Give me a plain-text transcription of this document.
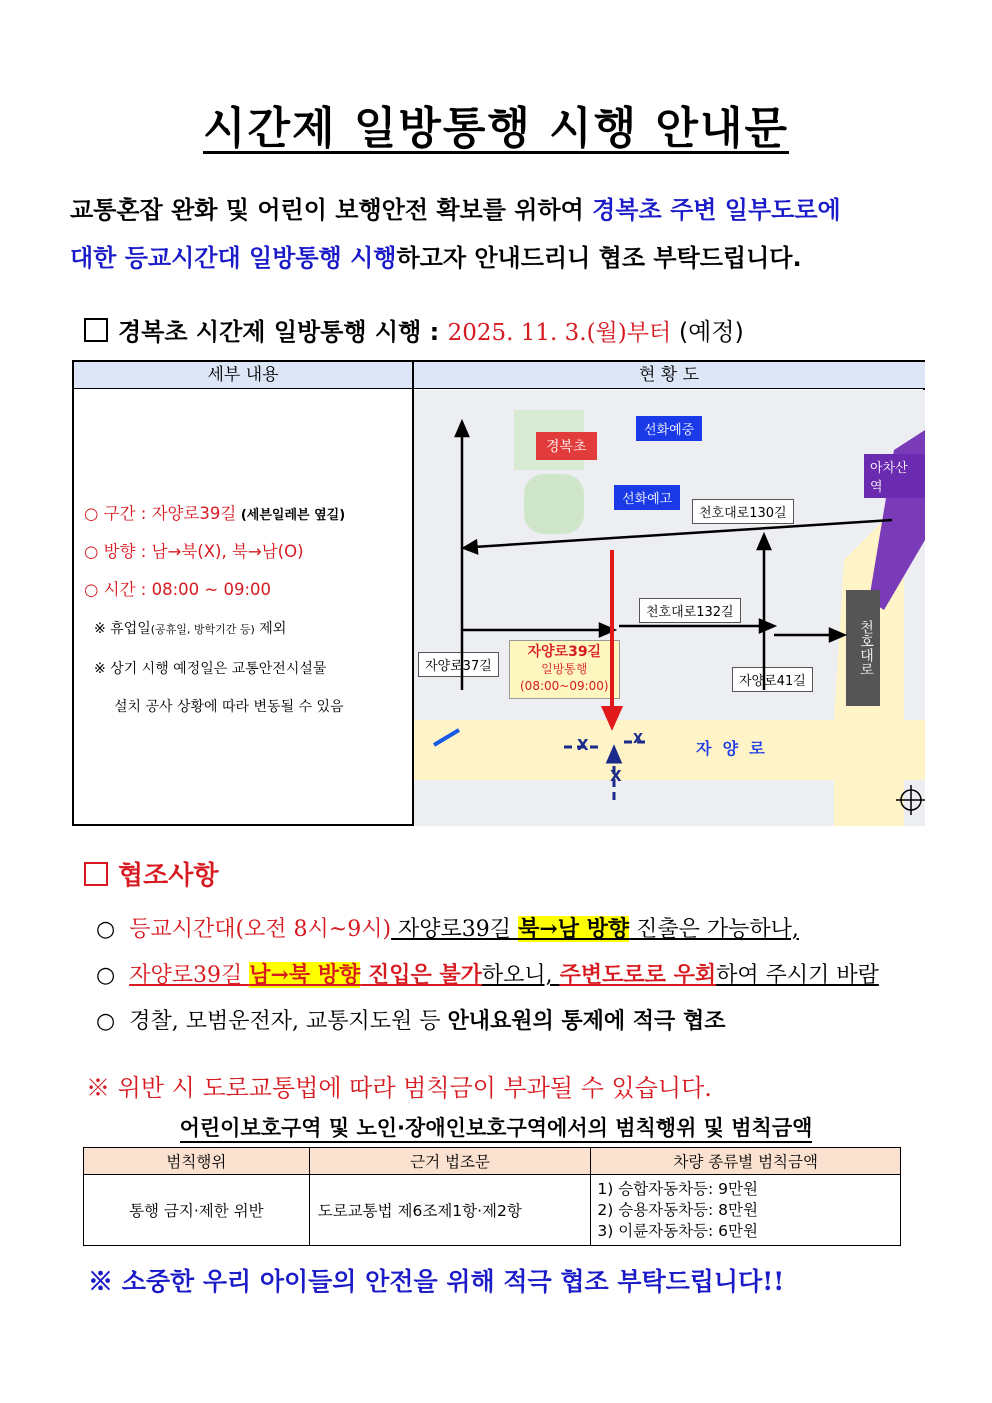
시간제 일방통행 시행 안내문
교통혼잡 완화 및 어린이 보행안전 확보를 위하여 경복초 주변 일부도로에
대한 등교시간대 일방통행 시행하고자 안내드리니 협조 부탁드립니다.
경복초 시간제 일방통행 시행 : 2025. 11. 3.(월)부터 (예정)
세부 내용	현 황 도
○ 구간 : 자양로39길 (세븐일레븐 옆길)
○ 방향 : 남→북(X), 북→남(O)
○ 시간 : 08:00 ~ 09:00
※ 휴업일(공휴일, 방학기간 등) 제외
※ 상기 시행 예정일은 교통안전시설물
설치 공사 상황에 따라 변동될 수 있음
경복초
선화예중
선화예고
아차산역
천호대로130길
천호대로132길
자양로37길
자양로41길
천호대로
자  양  로
자양로39길
일방통행
(08:00~09:00)
X
X
X
협조사항
○ 등교시간대(오전 8시~9시) 자양로39길 북→남 방향 진출은 가능하나,
○ 자양로39길 남→북 방향 진입은 불가하오니, 주변도로로 우회하여 주시기 바람
○ 경찰, 모범운전자, 교통지도원 등 안내요원의 통제에 적극 협조
※ 위반 시 도로교통법에 따라 범칙금이 부과될 수 있습니다.
어린이보호구역 및 노인·장애인보호구역에서의 범칙행위 및 범칙금액
범칙행위	근거 법조문	차량 종류별 범칙금액
통행 금지·제한 위반	도로교통법 제6조제1항·제2항	1) 승합자동차등: 9만원
2) 승용자동차등: 8만원
3) 이륜자동차등: 6만원
※ 소중한 우리 아이들의 안전을 위해 적극 협조 부탁드립니다!!
